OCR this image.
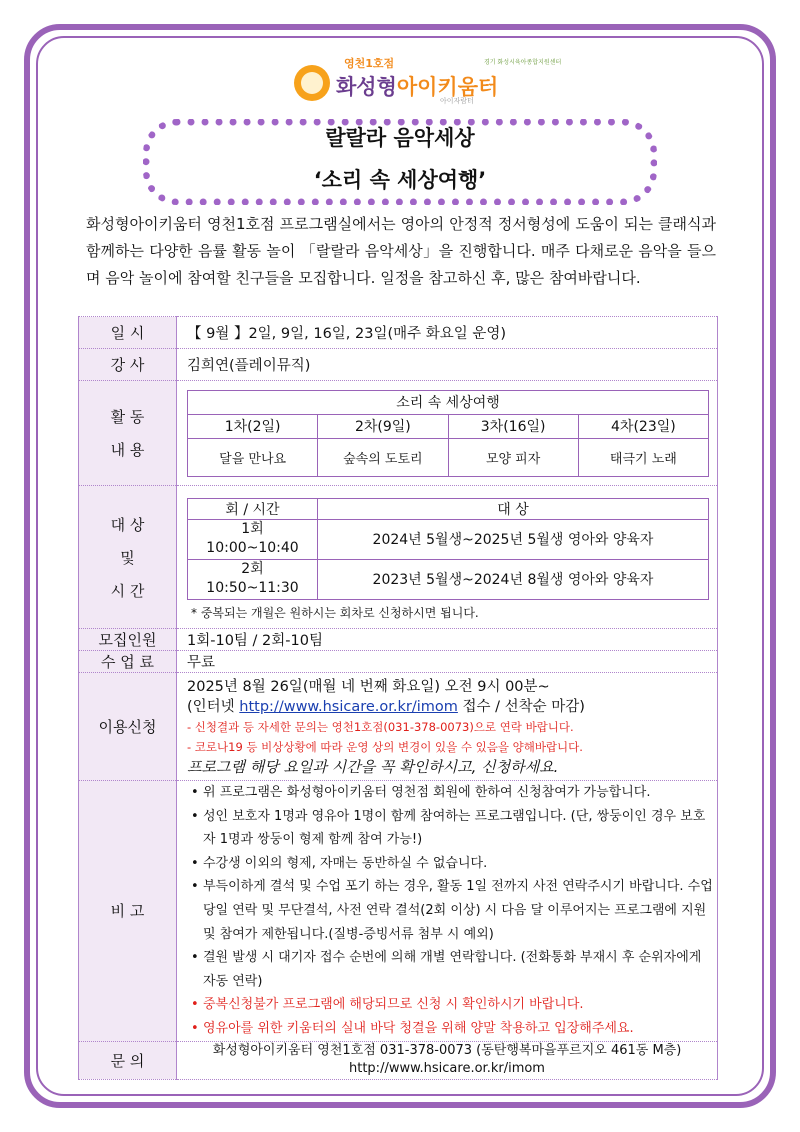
영천1호점
화성형아이키움터
아이자람터
경기 화성시육아종합지원센터
랄랄라 음악세상
‘소리 속 세상여행’
화성형아이키움터 영천1호점 프로그램실에서는 영아의 안정적 정서형성에 도움이 되는 클래식과 함께하는 다양한 음률 활동 놀이 「랄랄라 음악세상」을 진행합니다. 매주 다채로운 음악을 들으며 음악 놀이에 참여할 친구들을 모집합니다. 일정을 참고하신 후, 많은 참여바랍니다.
일 시	【 9월 】2일, 9일, 16일, 23일(매주 화요일 운영)
강 사	김희연(플레이뮤직)

활 동
내 용

소리 속 세상여행
1차(2일)	2차(9일)	3차(16일)	4차(23일)
달을 만나요	숲속의 도토리	모양 피자	태극기 노래

대 상
및
시 간

회 / 시간	대 상

1회
10:00~10:40	2024년 5월생~2025년 5월생 영아와 양육자

2회
10:50~11:30	2023년 5월생~2024년 8월생 영아와 양육자
* 중복되는 개월은 원하시는 회차로 신청하시면 됩니다.

모집인원	1회-10팀 / 2회-10팀
수 업 료	무료
이용신청	
2025년 8월 26일(매월 네 번째 화요일) 오전 9시 00분~
(인터넷 http://www.hsicare.or.kr/imom 접수 / 선착순 마감)
- 신청결과 등 자세한 문의는 영천1호점(031-378-0073)으로 연락 바랍니다.
- 코로나19 등 비상상황에 따라 운영 상의 변경이 있을 수 있음을 양해바랍니다.
프로그램 해당 요일과 시간을 꼭 확인하시고, 신청하세요.

비 고	
• 위 프로그램은 화성형아이키움터 영천점 회원에 한하여 신청참여가 가능합니다.
• 성인 보호자 1명과 영유아 1명이 함께 참여하는 프로그램입니다. (단, 쌍둥이인 경우 보호자 1명과 쌍둥이 형제 함께 참여 가능!)
• 수강생 이외의 형제, 자매는 동반하실 수 없습니다.
• 부득이하게 결석 및 수업 포기 하는 경우, 활동 1일 전까지 사전 연락주시기 바랍니다. 수업 당일 연락 및 무단결석, 사전 연락 결석(2회 이상) 시 다음 달 이루어지는 프로그램에 지원 및 참여가 제한됩니다.(질병-증빙서류 첨부 시 예외)
• 결원 발생 시 대기자 접수 순번에 의해 개별 연락합니다. (전화통화 부재시 후 순위자에게 자동 연락)
• 중복신청불가 프로그램에 해당되므로 신청 시 확인하시기 바랍니다.
• 영유아를 위한 키움터의 실내 바닥 청결을 위해 양말 착용하고 입장해주세요.

문 의	
화성형아이키움터 영천1호점 031-378-0073 (동탄행복마을푸르지오 461동 M층)
http://www.hsicare.or.kr/imom
